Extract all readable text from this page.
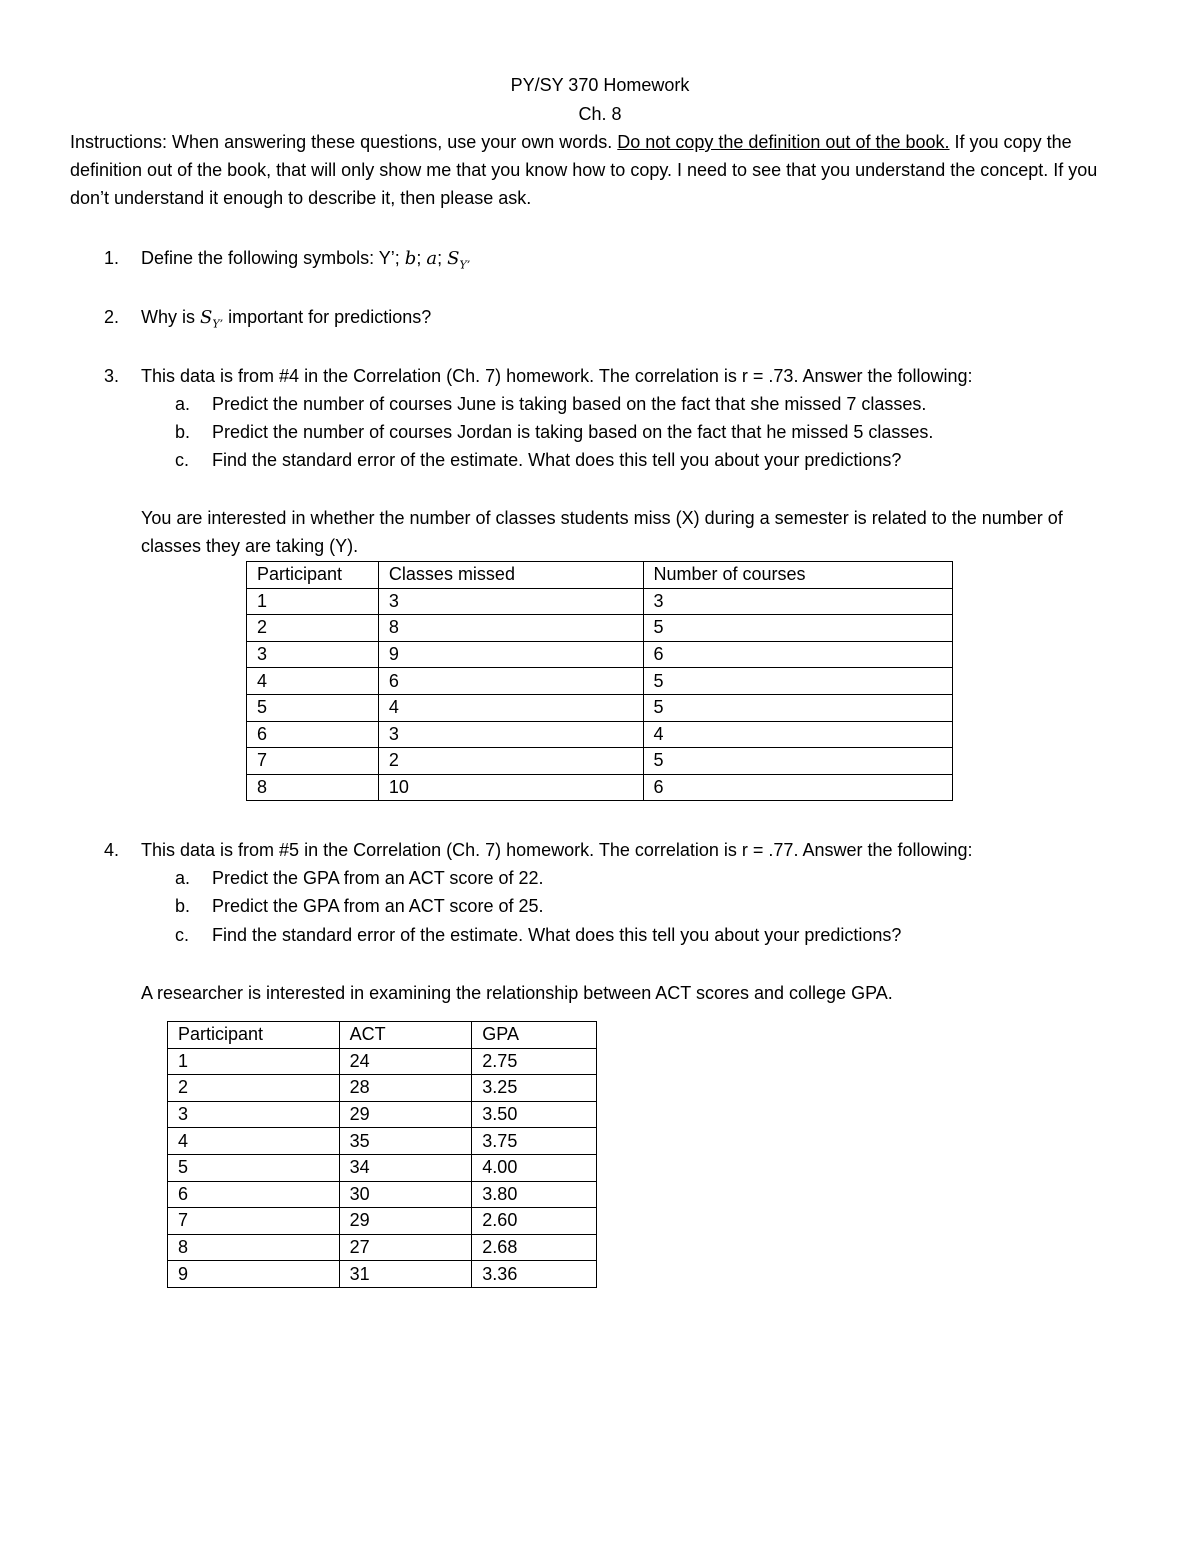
PY/SY 370 Homework
Ch. 8
Instructions: When answering these questions, use your own words. Do not copy the definition out of the book. If you copy the definition out of the book, that will only show me that you know how to copy. I need to see that you understand the concept. If you don’t understand it enough to describe it, then please ask.
1. Define the following symbols: Y’; b; a; $S_{Y’}$
2. Why is $S_{Y’}$ important for predictions?
3. This data is from #4 in the Correlation (Ch. 7) homework. The correlation is r = .73. Answer the following:
a. Predict the number of courses June is taking based on the fact that she missed 7 classes.
b. Predict the number of courses Jordan is taking based on the fact that he missed 5 classes.
c. Find the standard error of the estimate. What does this tell you about your predictions?
You are interested in whether the number of classes students miss (X) during a semester is related to the number of classes they are taking (Y).
Participant	Classes missed	Number of courses
1	3	3
2	8	5
3	9	6
4	6	5
5	4	5
6	3	4
7	2	5
8	10	6
4. This data is from #5 in the Correlation (Ch. 7) homework. The correlation is r = .77. Answer the following:
a. Predict the GPA from an ACT score of 22.
b. Predict the GPA from an ACT score of 25.
c. Find the standard error of the estimate. What does this tell you about your predictions?
A researcher is interested in examining the relationship between ACT scores and college GPA.
Participant	ACT	GPA
1	24	2.75
2	28	3.25
3	29	3.50
4	35	3.75
5	34	4.00
6	30	3.80
7	29	2.60
8	27	2.68
9	31	3.36
